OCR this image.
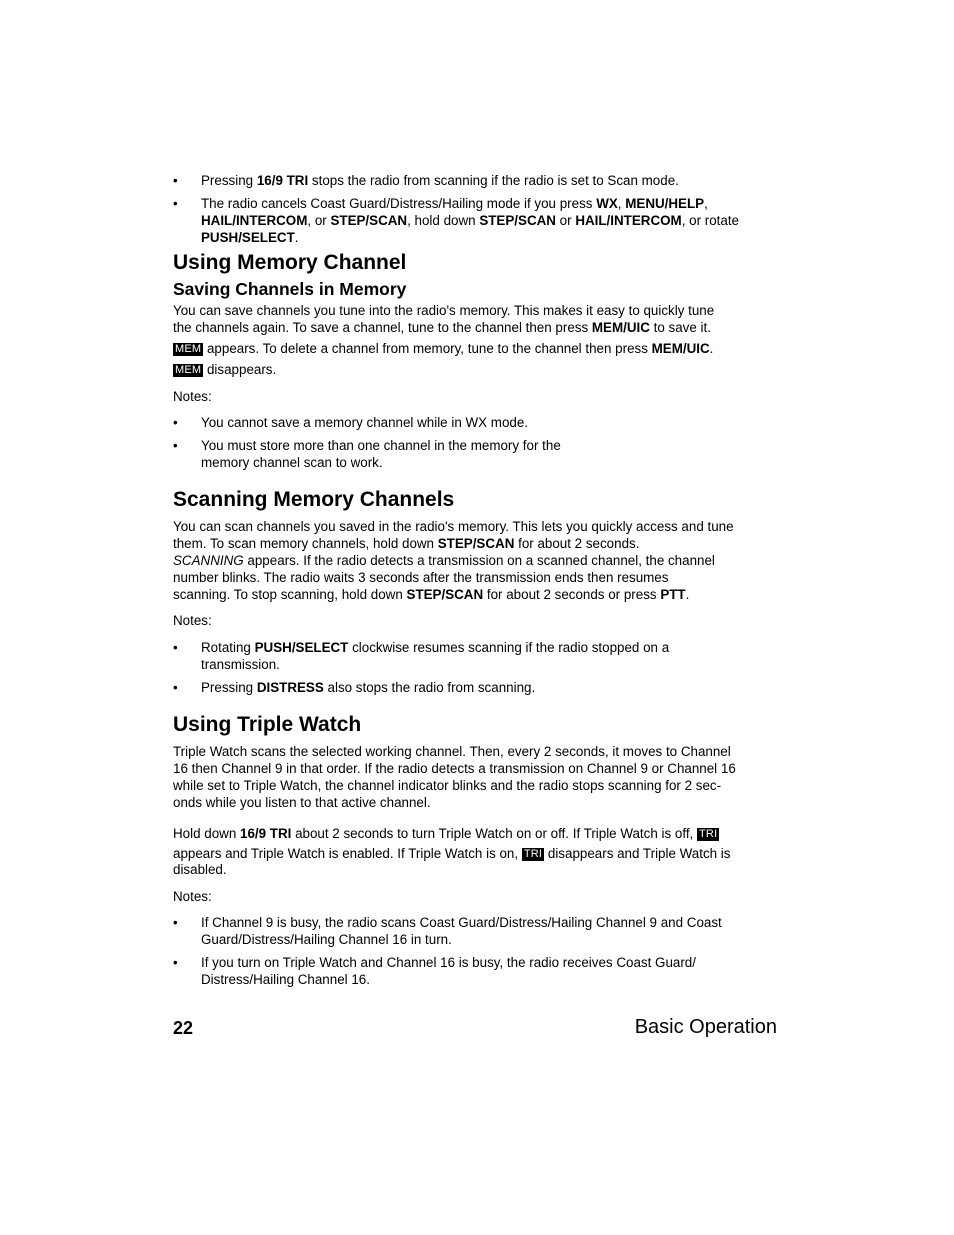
• Pressing 16/9 TRI stops the radio from scanning if the radio is set to Scan mode.
• The radio cancels Coast Guard/Distress/Hailing mode if you press WX, MENU/HELP,
HAIL/INTERCOM, or STEP/SCAN, hold down STEP/SCAN or HAIL/INTERCOM, or rotate
PUSH/SELECT.
Using Memory Channel
Saving Channels in Memory

You can save channels you tune into the radio's memory. This makes it easy to quickly tune
the channels again. To save a channel, tune to the channel then press MEM/UIC to save it.

MEM appears. To delete a channel from memory, tune to the channel then press MEM/UIC.

MEM disappears.

Notes:

• You cannot save a memory channel while in WX mode.
• You must store more than one channel in the memory for the
memory channel scan to work.
Scanning Memory Channels

You can scan channels you saved in the radio's memory. This lets you quickly access and tune
them. To scan memory channels, hold down STEP/SCAN for about 2 seconds.
SCANNING appears. If the radio detects a transmission on a scanned channel, the channel
number blinks. The radio waits 3 seconds after the transmission ends then resumes
scanning. To stop scanning, hold down STEP/SCAN for about 2 seconds or press PTT.

Notes:

• Rotating PUSH/SELECT clockwise resumes scanning if the radio stopped on a
transmission.
• Pressing DISTRESS also stops the radio from scanning.
Using Triple Watch

Triple Watch scans the selected working channel. Then, every 2 seconds, it moves to Channel
16 then Channel 9 in that order. If the radio detects a transmission on Channel 9 or Channel 16
while set to Triple Watch, the channel indicator blinks and the radio stops scanning for 2 sec-
onds while you listen to that active channel.

Hold down 16/9 TRI about 2 seconds to turn Triple Watch on or off. If Triple Watch is off, TRI
appears and Triple Watch is enabled. If Triple Watch is on, TRI disappears and Triple Watch is

disabled.

Notes:

• If Channel 9 is busy, the radio scans Coast Guard/Distress/Hailing Channel 9 and Coast
Guard/Distress/Hailing Channel 16 in turn.
• If you turn on Triple Watch and Channel 16 is busy, the radio receives Coast Guard/
Distress/Hailing Channel 16.
22	Basic Operation
